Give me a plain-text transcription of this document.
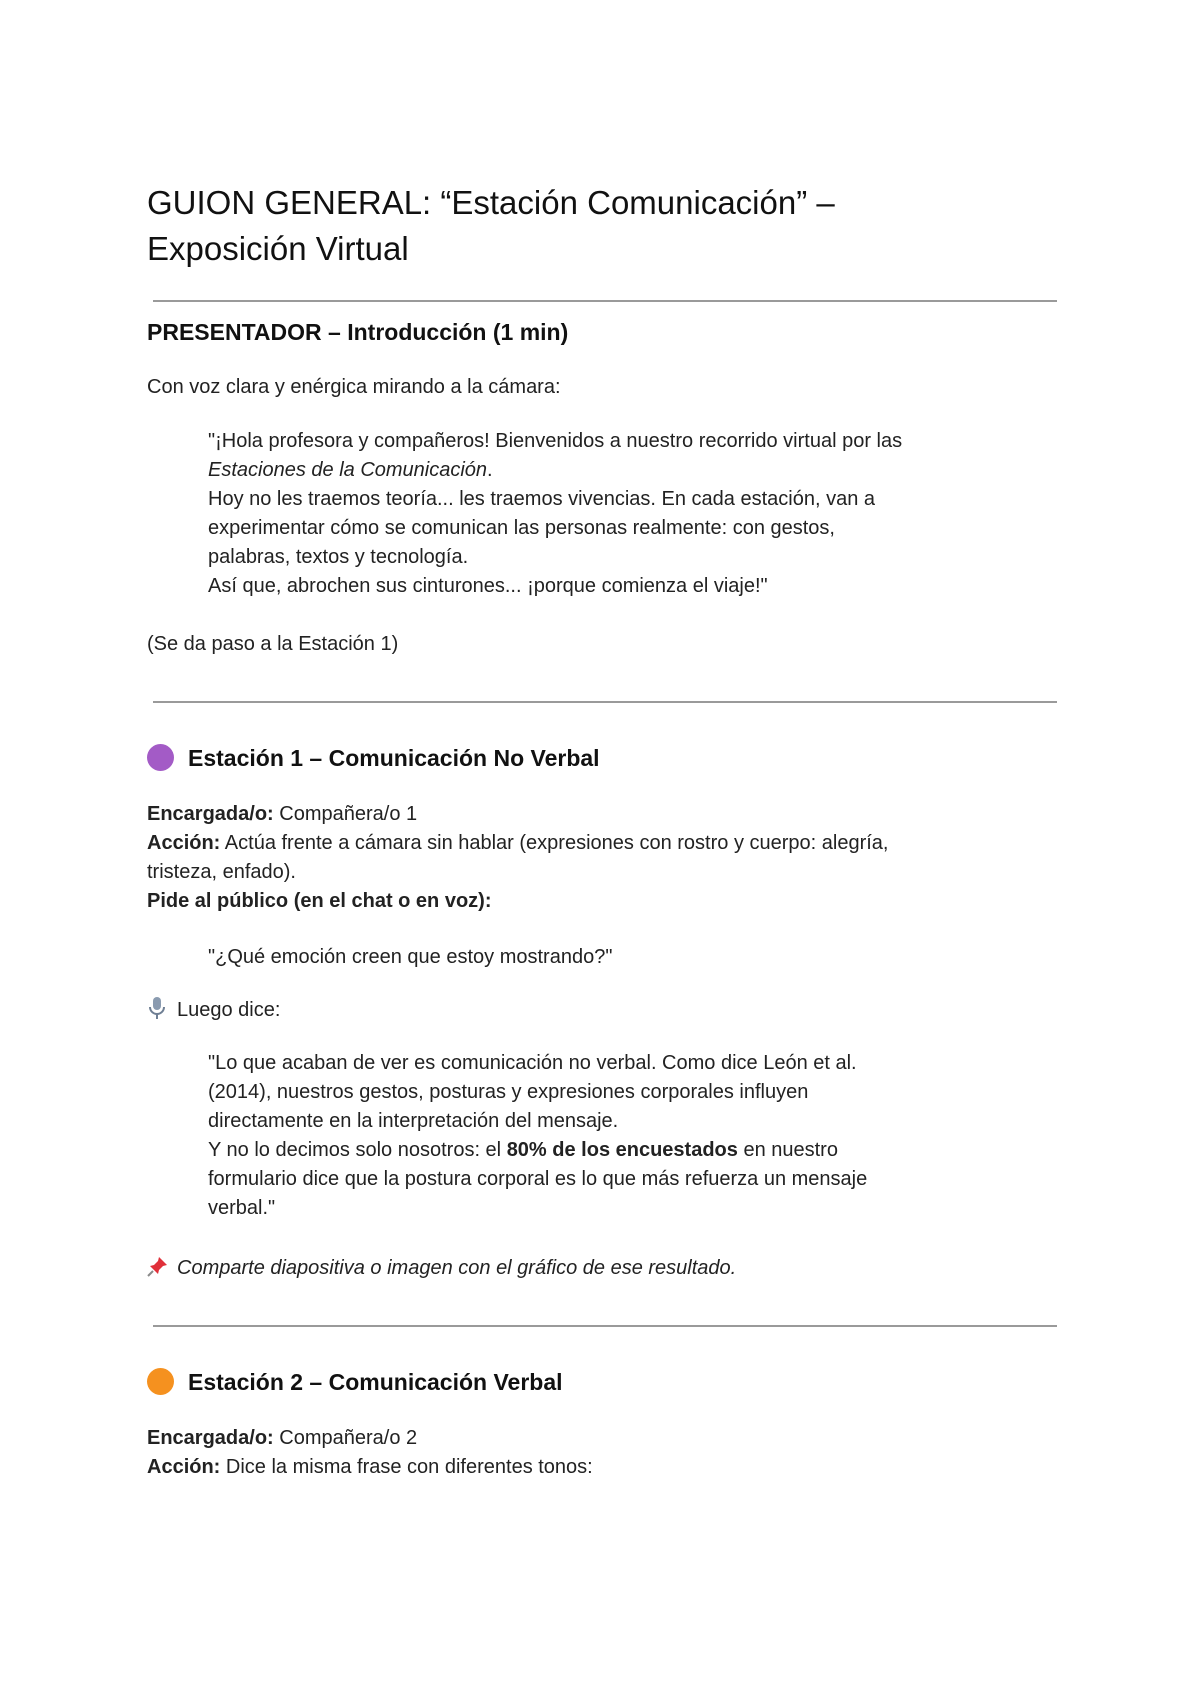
GUION GENERAL: “Estación Comunicación” –
Exposición Virtual
PRESENTADOR – Introducción (1 min)
Con voz clara y enérgica mirando a la cámara:
"¡Hola profesora y compañeros! Bienvenidos a nuestro recorrido virtual por las
Estaciones de la Comunicación.
Hoy no les traemos teoría... les traemos vivencias. En cada estación, van a
experimentar cómo se comunican las personas realmente: con gestos,
palabras, textos y tecnología.
Así que, abrochen sus cinturones... ¡porque comienza el viaje!"
(Se da paso a la Estación 1)
Estación 1 – Comunicación No Verbal
Encargada/o: Compañera/o 1
Acción: Actúa frente a cámara sin hablar (expresiones con rostro y cuerpo: alegría,
tristeza, enfado).
Pide al público (en el chat o en voz):
"¿Qué emoción creen que estoy mostrando?"
Luego dice:
"Lo que acaban de ver es comunicación no verbal. Como dice León et al.
(2014), nuestros gestos, posturas y expresiones corporales influyen
directamente en la interpretación del mensaje.
Y no lo decimos solo nosotros: el 80% de los encuestados en nuestro
formulario dice que la postura corporal es lo que más refuerza un mensaje
verbal."
Comparte diapositiva o imagen con el gráfico de ese resultado.
Estación 2 – Comunicación Verbal
Encargada/o: Compañera/o 2
Acción: Dice la misma frase con diferentes tonos:
